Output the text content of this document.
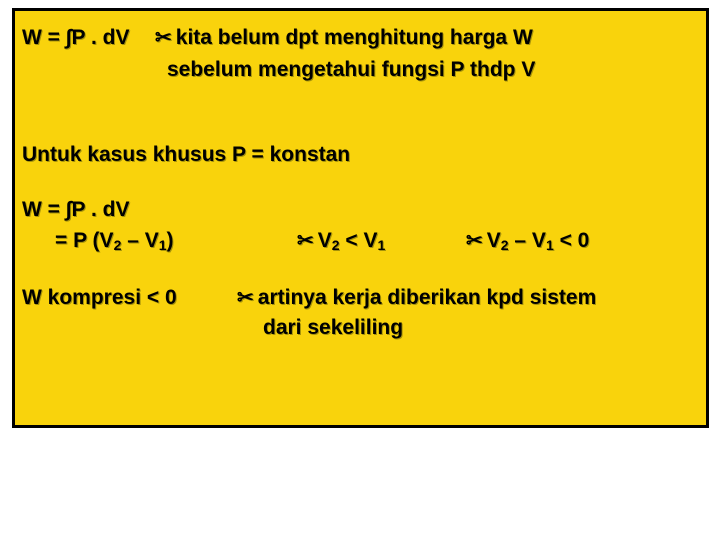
W = ∫P . dV ✂ kita belum dpt menghitung harga W
sebelum mengetahui fungsi P thdp V
Untuk kasus khusus P = konstan
W = ∫P . dV
= P (V2 – V1)	✂ V2 < V1	✂ V2 – V1 < 0
W kompresi < 0	✂ artinya kerja diberikan kpd sistem
dari sekeliling
